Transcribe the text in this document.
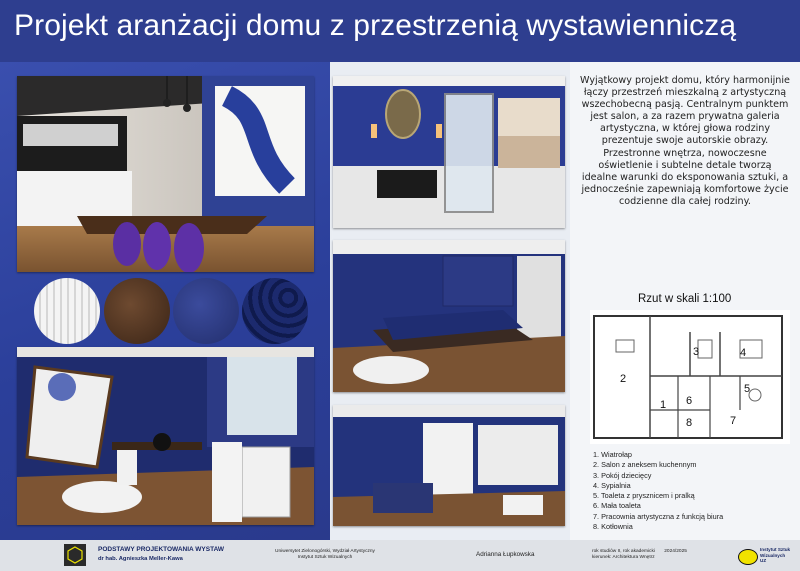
Projekt aranżacji domu z przestrzenią wystawienniczą
Wyjątkowy projekt domu, który harmonijnie łączy przestrzeń mieszkalną z artystyczną wszechobecną pasją. Centralnym punktem jest salon, a za razem prywatna galeria artystyczna, w której głowa rodziny prezentuje swoje autorskie obrazy. Przestronne wnętrza, nowoczesne oświetlenie i subtelne detale tworzą idealne warunki do eksponowania sztuki, a jednocześnie zapewniają komfortowe życie codzienne dla całej rodziny.
Rzut w skali 1:100
2
3	4
5
1 6
8	7
1. Wiatrołap
2. Salon z aneksem kuchennym
3. Pokój dziecięcy
4. Sypialnia
5. Toaleta z prysznicem i pralką
6. Mała toaleta
7. Pracownia artystyczna z funkcją biura
8. Kotłownia
PODSTAWY PROJEKTOWANIA WYSTAW
dr hab. Agnieszka Meller-Kawa
Uniwersytet Zielonogórski, Wydział Artystyczny
Instytut Sztuk Wizualnych	Adrianna Łupkowska	rok studiów II, rok akademicki 2024/2025
kierunek: Architektura Wnętrz
Instytut Sztuk
Wizualnych
UZ
